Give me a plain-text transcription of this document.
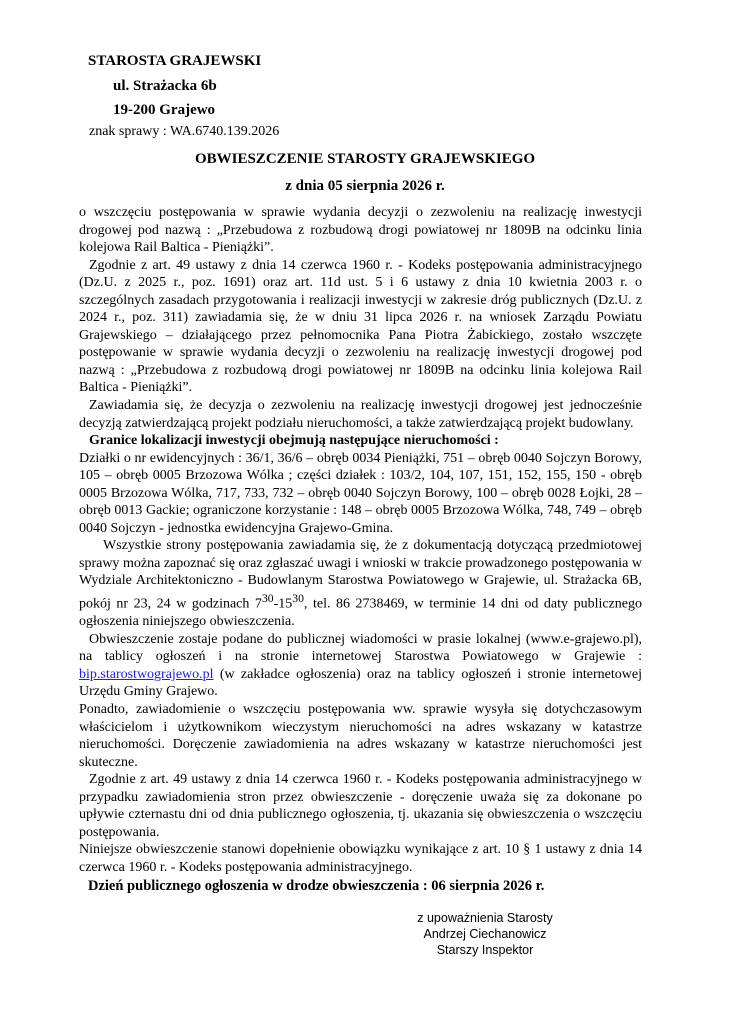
STAROSTA GRAJEWSKI
ul. Strażacka 6b
19-200 Grajewo
znak sprawy : WA.6740.139.2026
OBWIESZCZENIE STAROSTY GRAJEWSKIEGO
z dnia 05 sierpnia 2026 r.

o wszczęciu postępowania w sprawie wydania decyzji o zezwoleniu na realizację inwestycji drogowej pod nazwą : „Przebudowa z rozbudową drogi powiatowej nr 1809B na odcinku linia kolejowa Rail Baltica - Pieniążki”.

Zgodnie z art. 49 ustawy z dnia 14 czerwca 1960 r. - Kodeks postępowania administracyjnego (Dz.U. z 2025 r., poz. 1691) oraz art. 11d ust. 5 i 6 ustawy z dnia 10 kwietnia 2003 r. o szczególnych zasadach przygotowania i realizacji inwestycji w zakresie dróg publicznych (Dz.U. z 2024 r., poz. 311) zawiadamia się, że w dniu 31 lipca 2026 r. na wniosek Zarządu Powiatu Grajewskiego – działającego przez pełnomocnika Pana Piotra Żabickiego, zostało wszczęte postępowanie w sprawie wydania decyzji o zezwoleniu na realizację inwestycji drogowej pod nazwą : „Przebudowa z rozbudową drogi powiatowej nr 1809B na odcinku linia kolejowa Rail Baltica - Pieniążki”.

Zawiadamia się, że decyzja o zezwoleniu na realizację inwestycji drogowej jest jednocześnie decyzją zatwierdzającą projekt podziału nieruchomości, a także zatwierdzającą projekt budowlany.

Granice lokalizacji inwestycji obejmują następujące nieruchomości :

Działki o nr ewidencyjnych : 36/1, 36/6 – obręb 0034 Pieniążki, 751 – obręb 0040 Sojczyn Borowy, 105 – obręb 0005 Brzozowa Wólka ; części działek : 103/2, 104, 107, 151, 152, 155, 150 - obręb 0005 Brzozowa Wólka, 717, 733, 732 – obręb 0040 Sojczyn Borowy, 100 – obręb 0028 Łojki, 28 – obręb 0013 Gackie; ograniczone korzystanie : 148 – obręb 0005 Brzozowa Wólka, 748, 749 – obręb 0040 Sojczyn - jednostka ewidencyjna Grajewo-Gmina.

Wszystkie strony postępowania zawiadamia się, że z dokumentacją dotyczącą przedmiotowej sprawy można zapoznać się oraz zgłaszać uwagi i wnioski w trakcie prowadzonego postępowania w Wydziale Architektoniczno - Budowlanym Starostwa Powiatowego w Grajewie, ul. Strażacka 6B, pokój nr 23, 24 w godzinach $7^{30}-15^{30}$, tel. 86 2738469, w terminie 14 dni od daty publicznego ogłoszenia niniejszego obwieszczenia.

Obwieszczenie zostaje podane do publicznej wiadomości w prasie lokalnej (www.e-grajewo.pl), na tablicy ogłoszeń i na stronie internetowej Starostwa Powiatowego w Grajewie : bip.starostwograjewo.pl (w zakładce ogłoszenia) oraz na tablicy ogłoszeń i stronie internetowej Urzędu Gminy Grajewo.

Ponadto, zawiadomienie o wszczęciu postępowania ww. sprawie wysyła się dotychczasowym właścicielom i użytkownikom wieczystym nieruchomości na adres wskazany w katastrze nieruchomości. Doręczenie zawiadomienia na adres wskazany w katastrze nieruchomości jest skuteczne.

Zgodnie z art. 49 ustawy z dnia 14 czerwca 1960 r. - Kodeks postępowania administracyjnego w przypadku zawiadomienia stron przez obwieszczenie - doręczenie uważa się za dokonane po upływie czternastu dni od dnia publicznego ogłoszenia, tj. ukazania się obwieszczenia o wszczęciu postępowania.

Niniejsze obwieszczenie stanowi dopełnienie obowiązku wynikające z art. 10 § 1 ustawy z dnia 14 czerwca 1960 r. - Kodeks postępowania administracyjnego.

Dzień publicznego ogłoszenia w drodze obwieszczenia : 06 sierpnia 2026 r.
z upoważnienia Starosty
Andrzej Ciechanowicz
Starszy Inspektor
